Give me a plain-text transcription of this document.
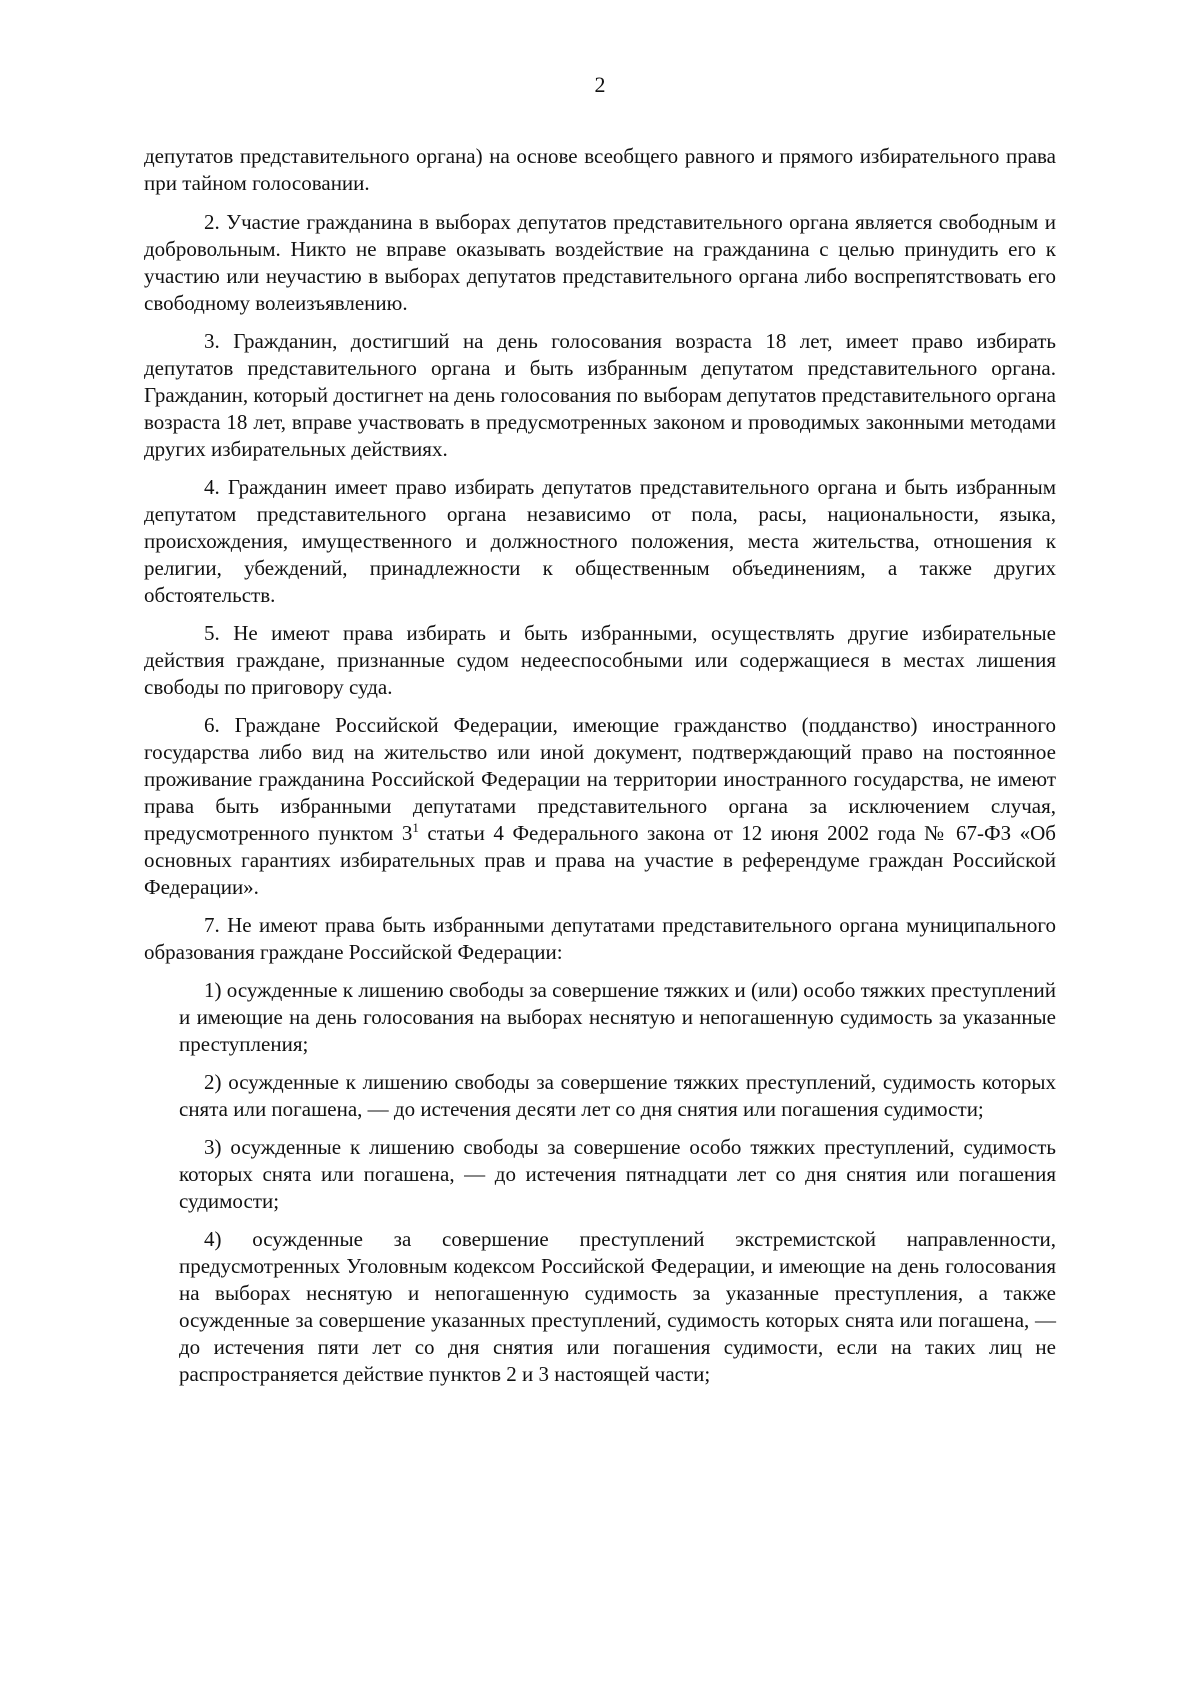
2

депутатов представительного органа) на основе всеобщего равного и прямого избирательного права при тайном голосовании.

2. Участие гражданина в выборах депутатов представительного органа является свободным и добровольным. Никто не вправе оказывать воздействие на гражданина с целью принудить его к участию или неучастию в выборах депутатов представительного органа либо воспрепятствовать его свободному волеизъявлению.

3. Гражданин, достигший на день голосования возраста 18 лет, имеет право избирать депутатов представительного органа и быть избранным депутатом представительного органа. Гражданин, который достигнет на день голосования по выборам депутатов представительного органа возраста 18 лет, вправе участвовать в предусмотренных законом и проводимых законными методами других избирательных действиях.

4. Гражданин имеет право избирать депутатов представительного органа и быть избранным депутатом представительного органа независимо от пола, расы, национальности, языка, происхождения, имущественного и должностного положения, места жительства, отношения к религии, убеждений, принадлежности к общественным объединениям, а также других обстоятельств.

5. Не имеют права избирать и быть избранными, осуществлять другие избирательные действия граждане, признанные судом недееспособными или содержащиеся в местах лишения свободы по приговору суда.

6. Граждане Российской Федерации, имеющие гражданство (подданство) иностранного государства либо вид на жительство или иной документ, подтверждающий право на постоянное проживание гражданина Российской Федерации на территории иностранного государства, не имеют права быть избранными депутатами представительного органа за исключением случая, предусмотренного пунктом $3^1$ статьи 4 Федерального закона от 12 июня 2002 года № 67-ФЗ «Об основных гарантиях избирательных прав и права на участие в референдуме граждан Российской Федерации».

7. Не имеют права быть избранными депутатами представительного органа муниципального образования граждане Российской Федерации:

1) осужденные к лишению свободы за совершение тяжких и (или) особо тяжких преступлений и имеющие на день голосования на выборах неснятую и непогашенную судимость за указанные преступления;

2) осужденные к лишению свободы за совершение тяжких преступлений, судимость которых снята или погашена, — до истечения десяти лет со дня снятия или погашения судимости;

3) осужденные к лишению свободы за совершение особо тяжких преступлений, судимость которых снята или погашена, — до истечения пятнадцати лет со дня снятия или погашения судимости;

4) осужденные за совершение преступлений экстремистской направленности, предусмотренных Уголовным кодексом Российской Федерации, и имеющие на день голосования на выборах неснятую и непогашенную судимость за указанные преступления, а также осужденные за совершение указанных преступлений, судимость которых снята или погашена, — до истечения пяти лет со дня снятия или погашения судимости, если на таких лиц не распространяется действие пунктов 2 и 3 настоящей части;
